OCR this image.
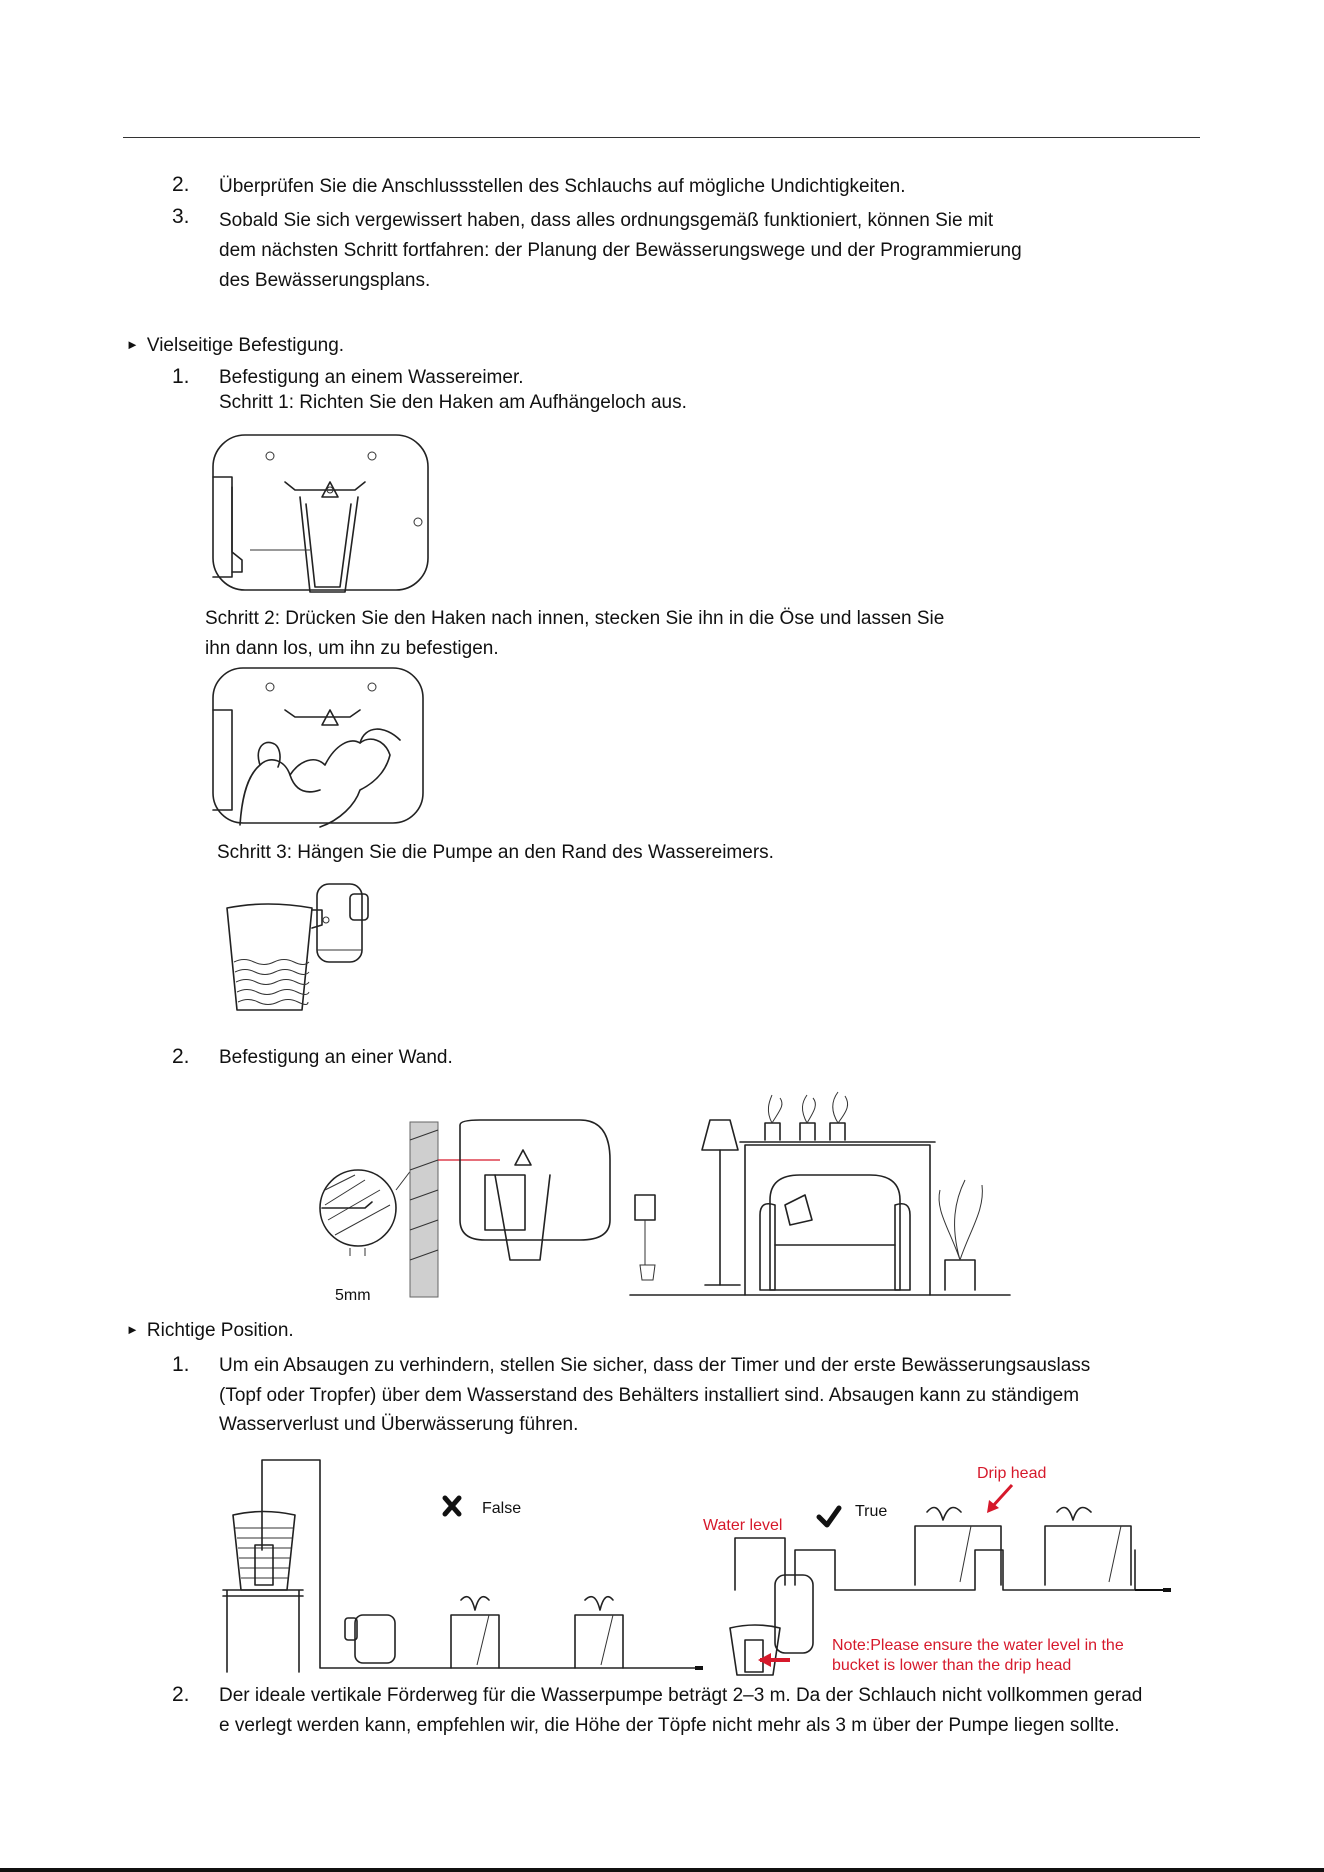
2. Überprüfen Sie die Anschlussstellen des Schlauchs auf mögliche Undichtigkeiten.
3. Sobald Sie sich vergewissert haben, dass alles ordnungsgemäß funktioniert, können Sie mit
dem nächsten Schritt fortfahren: der Planung der Bewässerungswege und der Programmierung
des Bewässerungsplans.
► Vielseitige Befestigung.
1. Befestigung an einem Wassereimer.
Schritt 1: Richten Sie den Haken am Aufhängeloch aus.
Schritt 2: Drücken Sie den Haken nach innen, stecken Sie ihn in die Öse und lassen Sie
ihn dann los, um ihn zu befestigen.
Schritt 3: Hängen Sie die Pumpe an den Rand des Wassereimers.
2. Befestigung an einer Wand.
5mm
► Richtige Position.
1. Um ein Absaugen zu verhindern, stellen Sie sicher, dass der Timer und der erste Bewässerungsauslass
(Topf oder Tropfer) über dem Wasserstand des Behälters installiert sind. Absaugen kann zu ständigem
Wasserverlust und Überwässerung führen.
False	True
Water level
Drip head
Note:Please ensure the water level in the
bucket is lower than the drip head
2. Der ideale vertikale Förderweg für die Wasserpumpe beträgt 2–3 m. Da der Schlauch nicht vollkommen gerad
e verlegt werden kann, empfehlen wir, die Höhe der Töpfe nicht mehr als 3 m über der Pumpe liegen sollte.
